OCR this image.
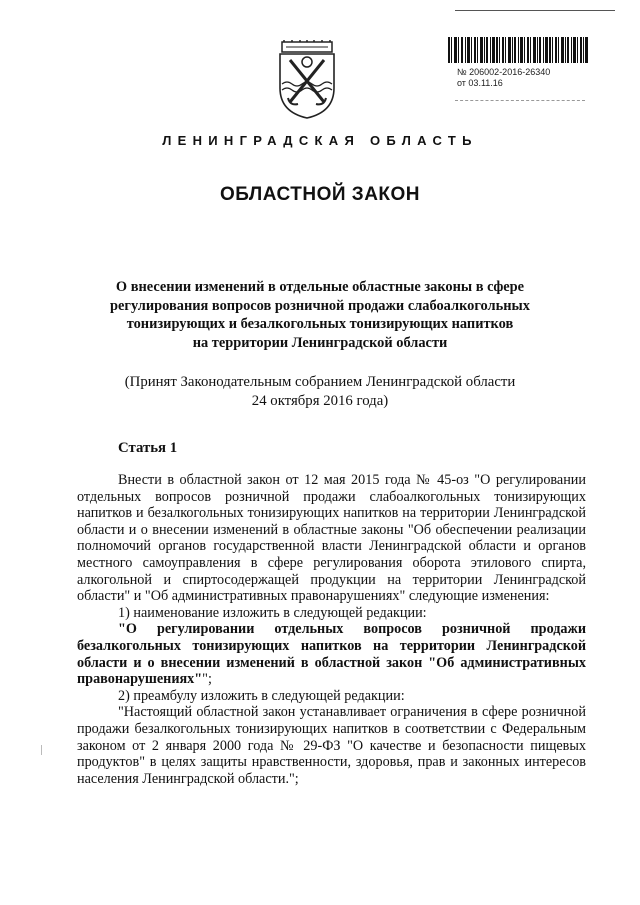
№ 206002-2016-26340
от 03.11.16
ЛЕНИНГРАДСКАЯ ОБЛАСТЬ
ОБЛАСТНОЙ ЗАКОН
О внесении изменений в отдельные областные законы в сфере
регулирования вопросов розничной продажи слабоалкогольных
тонизирующих и безалкогольных тонизирующих напитков
на территории Ленинградской области
(Принят Законодательным собранием Ленинградской области
24 октября 2016 года)
Статья 1

Внести в областной закон от 12 мая 2015 года № 45-оз "О регулировании отдельных вопросов розничной продажи слабоалкогольных тонизирующих напитков и безалкогольных тонизирующих напитков на территории Ленинградской области и о внесении изменений в областные законы "Об обеспечении реализации полномочий органов государственной власти Ленинградской области и органов местного самоуправления в сфере регулирования оборота этилового спирта, алкогольной и спиртосодержащей продукции на территории Ленинградской области" и "Об административных правонарушениях" следующие изменения:

1) наименование изложить в следующей редакции:

"О регулировании отдельных вопросов розничной продажи безалкогольных тонизирующих напитков на территории Ленинградской области и о внесении изменений в областной закон "Об административных правонарушениях"";

2) преамбулу изложить в следующей редакции:

"Настоящий областной закон устанавливает ограничения в сфере розничной продажи безалкогольных тонизирующих напитков в соответствии с Федеральным законом от 2 января 2000 года № 29-ФЗ "О качестве и безопасности пищевых продуктов" в целях защиты нравственности, здоровья, прав и законных интересов населения Ленинградской области.";
